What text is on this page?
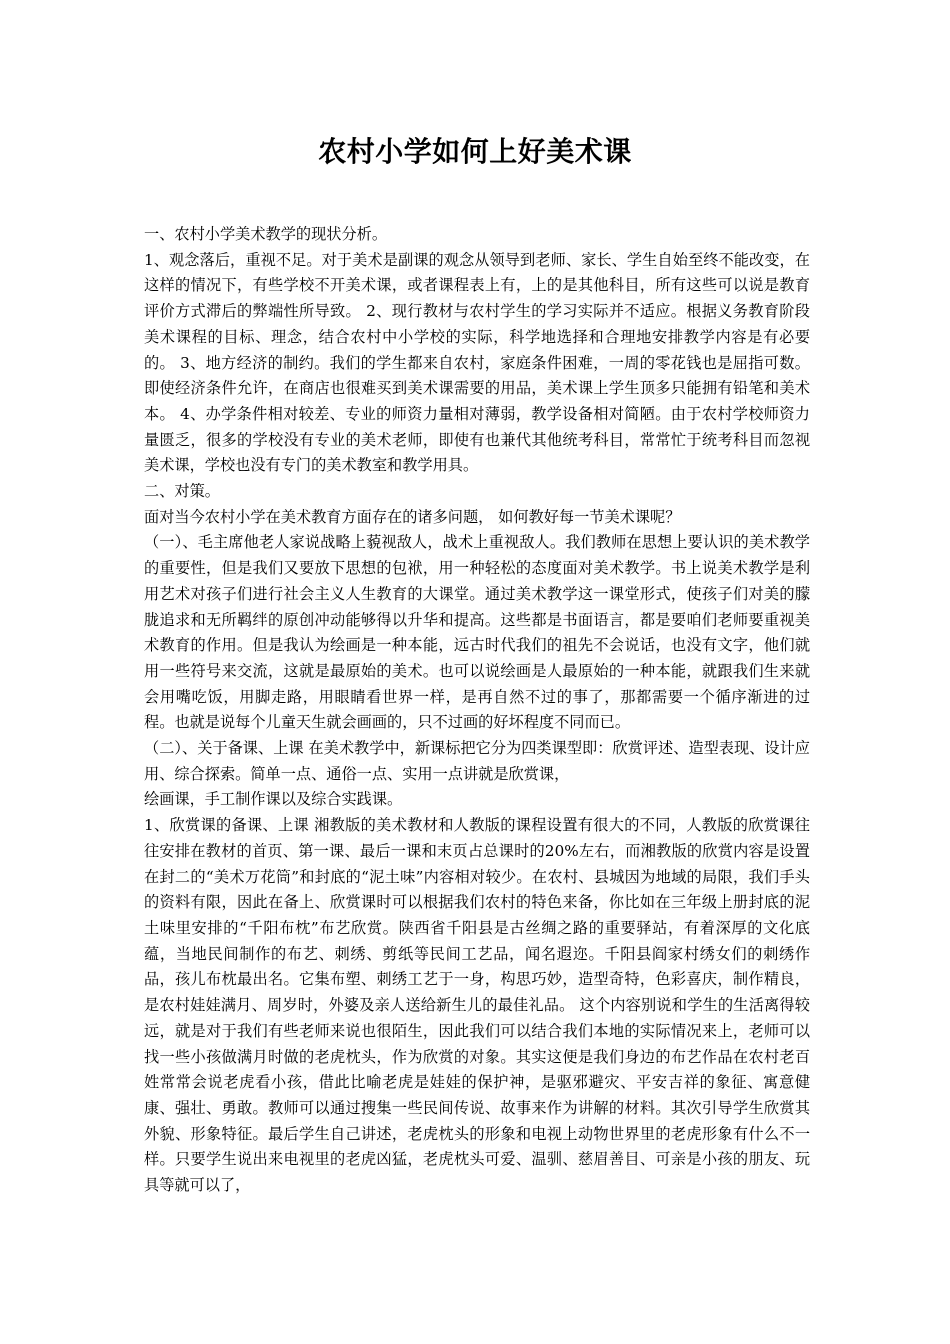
农村小学如何上好美术课

一、农村小学美术教学的现状分析。

1、观念落后，重视不足。对于美术是副课的观念从领导到老师、家长、学生自始至终不能改变，在这样的情况下，有些学校不开美术课，或者课程表上有，上的是其他科目，所有这些可以说是教育评价方式滞后的弊端性所导致。 2、现行教材与农村学生的学习实际并不适应。根据义务教育阶段美术课程的目标、理念，结合农村中小学校的实际，科学地选择和合理地安排教学内容是有必要的。 3、地方经济的制约。我们的学生都来自农村，家庭条件困难，一周的零花钱也是屈指可数。即使经济条件允许，在商店也很难买到美术课需要的用品，美术课上学生顶多只能拥有铅笔和美术本。 4、办学条件相对较差、专业的师资力量相对薄弱，教学设备相对简陋。由于农村学校师资力量匮乏，很多的学校没有专业的美术老师，即使有也兼代其他统考科目，常常忙于统考科目而忽视美术课，学校也没有专门的美术教室和教学用具。

二、对策。

面对当今农村小学在美术教育方面存在的诸多问题， 如何教好每一节美术课呢？

（一）、毛主席他老人家说战略上藐视敌人，战术上重视敌人。我们教师在思想上要认识的美术教学的重要性，但是我们又要放下思想的包袱，用一种轻松的态度面对美术教学。书上说美术教学是利用艺术对孩子们进行社会主义人生教育的大课堂。通过美术教学这一课堂形式，使孩子们对美的朦胧追求和无所羁绊的原创冲动能够得以升华和提高。这些都是书面语言，都是要咱们老师要重视美术教育的作用。但是我认为绘画是一种本能，远古时代我们的祖先不会说话，也没有文字，他们就用一些符号来交流，这就是最原始的美术。也可以说绘画是人最原始的一种本能，就跟我们生来就会用嘴吃饭，用脚走路，用眼睛看世界一样，是再自然不过的事了，那都需要一个循序渐进的过程。也就是说每个儿童天生就会画画的，只不过画的好坏程度不同而已。

（二）、关于备课、上课 在美术教学中，新课标把它分为四类课型即：欣赏评述、造型表现、设计应用、综合探索。简单一点、通俗一点、实用一点讲就是欣赏课，

绘画课，手工制作课以及综合实践课。

1、欣赏课的备课、上课 湘教版的美术教材和人教版的课程设置有很大的不同，人教版的欣赏课往往安排在教材的首页、第一课、最后一课和末页占总课时的20%左右，而湘教版的欣赏内容是设置在封二的“美术万花筒”和封底的“泥土味”内容相对较少。在农村、县城因为地域的局限，我们手头的资料有限，因此在备上、欣赏课时可以根据我们农村的特色来备，你比如在三年级上册封底的泥土味里安排的“千阳布枕”布艺欣赏。陕西省千阳县是古丝绸之路的重要驿站，有着深厚的文化底蕴，当地民间制作的布艺、刺绣、剪纸等民间工艺品，闻名遐迩。千阳县阎家村绣女们的刺绣作品，孩儿布枕最出名。它集布塑、刺绣工艺于一身，构思巧妙，造型奇特，色彩喜庆，制作精良，是农村娃娃满月、周岁时，外婆及亲人送给新生儿的最佳礼品。 这个内容别说和学生的生活离得较远，就是对于我们有些老师来说也很陌生，因此我们可以结合我们本地的实际情况来上，老师可以找一些小孩做满月时做的老虎枕头，作为欣赏的对象。其实这便是我们身边的布艺作品在农村老百姓常常会说老虎看小孩，借此比喻老虎是娃娃的保护神，是驱邪避灾、平安吉祥的象征、寓意健康、强壮、勇敢。教师可以通过搜集一些民间传说、故事来作为讲解的材料。其次引导学生欣赏其外貌、形象特征。最后学生自己讲述，老虎枕头的形象和电视上动物世界里的老虎形象有什么不一样。只要学生说出来电视里的老虎凶猛，老虎枕头可爱、温驯、慈眉善目、可亲是小孩的朋友、玩具等就可以了，
